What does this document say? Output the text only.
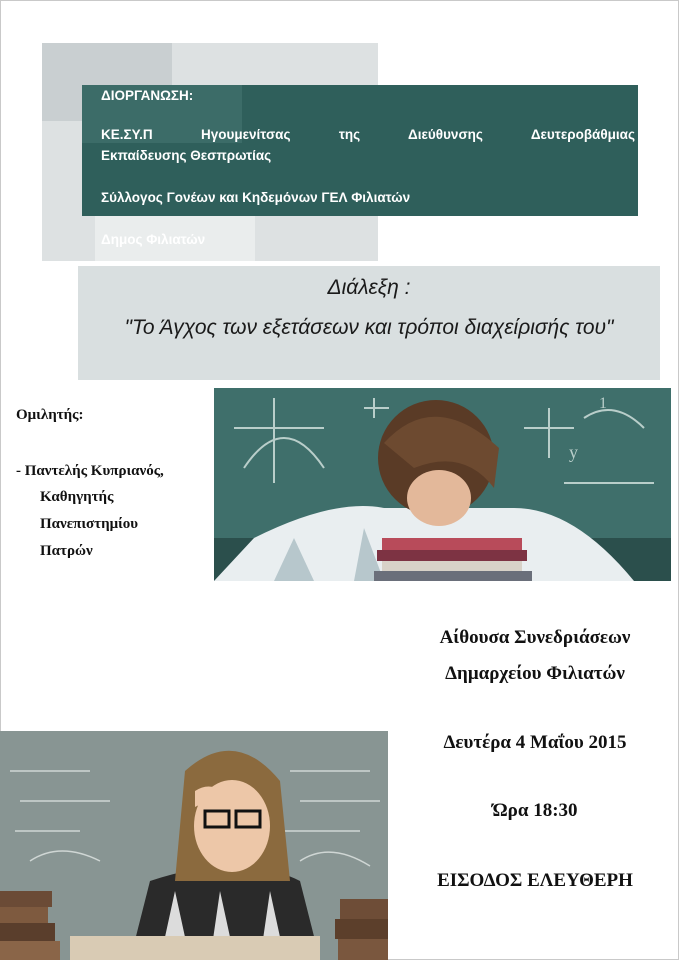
ΔΙΟΡΓΑΝΩΣΗ:
ΚΕ.ΣΥ.Π Ηγουμενίτσας της Διεύθυνσης Δευτεροβάθμιας
Εκπαίδευσης Θεσπρωτίας
Σύλλογος Γονέων και Κηδεμόνων ΓΕΛ Φιλιατών
Δημος Φιλιατών
Διάλεξη :
"Το Άγχος των εξετάσεων και τρόποι διαχείρισής του"
Ομιλητής:
- Παντελής Κυπριανός,
Καθηγητής
Πανεπιστημίου
Πατρών
y
1
Αίθουσα Συνεδριάσεων
Δημαρχείου Φιλιατών
Δευτέρα 4 Μαΐου 2015
Ώρα 18:30
ΕΙΣΟΔΟΣ ΕΛΕΥΘΕΡΗ
